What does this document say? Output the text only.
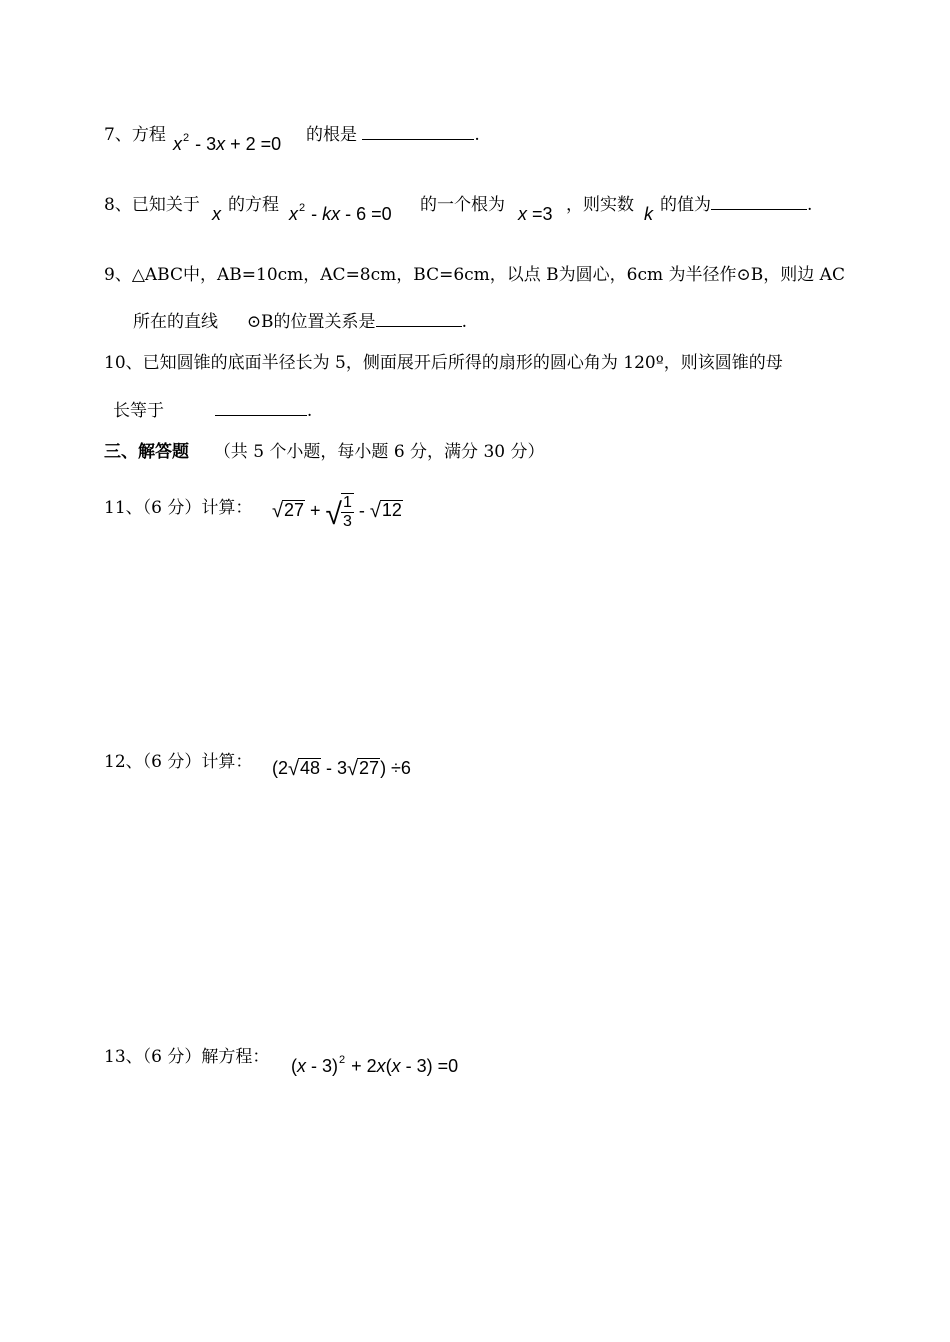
7、方程 $x^2 - 3x + 2 =0$ 的根是	.
8、已知关于 x 的方程 $x^2$ - kx - 6 =0 的一个根为 x =3 ，则实数 k 的值为	.
9、△ABC中，AB=10cm，AC=8cm，BC=6cm，以点 B为圆心，6cm 为半径作⊙B，则边 AC
所在的直线 ⊙B的位置关系是	.
10、已知圆锥的底面半径长为 5，侧面展开后所得的扇形的圆心角为 120º，则该圆锥的母
长等于	.
三、解答题 （共 5 个小题，每小题 6 分，满分 30 分）
11、（6 分）计算： √27 + √ $\frac{1}{3} - √12$
12、（6 分）计算： (2√48 - 3√27) ÷6
13、（6 分）解方程： (x - 3)$^2$ + 2x(x - 3) =0
